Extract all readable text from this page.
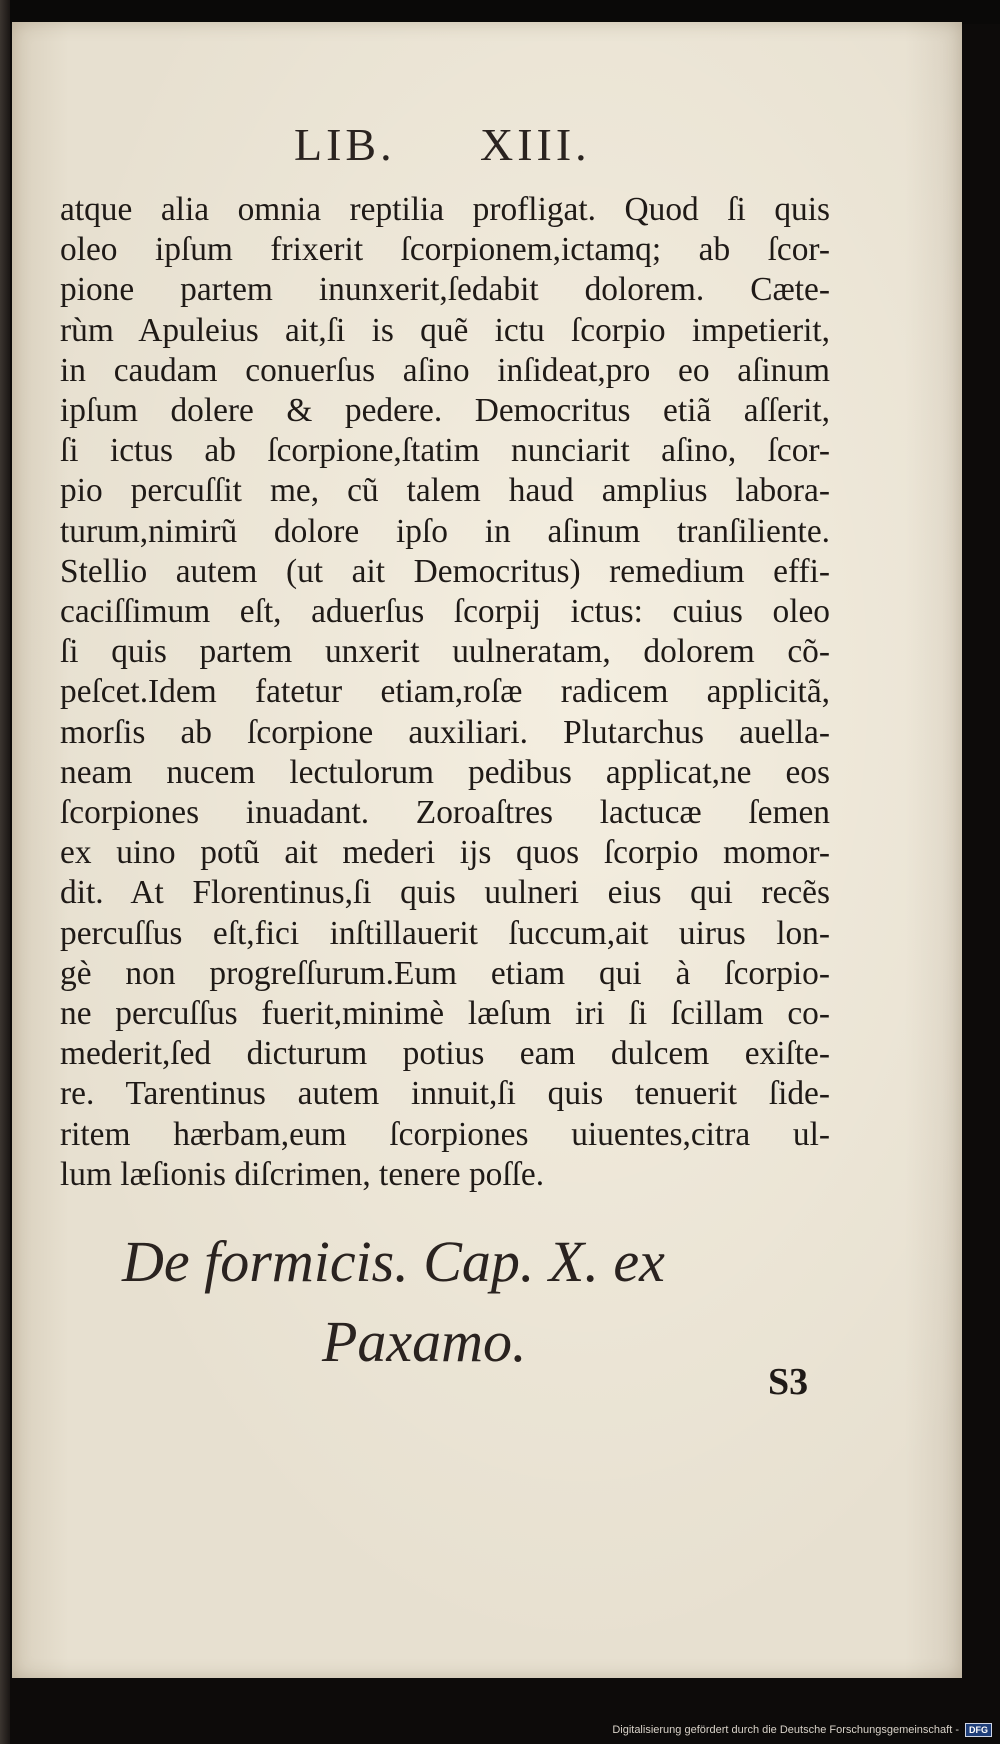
LIB. XIII.
atque alia omnia reptilia profligat. Quod ſi quis
oleo ipſum frixerit ſcorpionem,ictamq; ab ſcor-
pione partem inunxerit,ſedabit dolorem. Cæte-
rùm Apuleius ait,ſi is quẽ ictu ſcorpio impetierit,
in caudam conuerſus aſino inſideat,pro eo aſinum
ipſum dolere & pedere. Democritus etiã aſſerit,
ſi ictus ab ſcorpione,ſtatim nunciarit aſino, ſcor-
pio percuſſit me, cũ talem haud amplius labora-
turum,nimirũ dolore ipſo in aſinum tranſiliente.
Stellio autem (ut ait Democritus) remedium effi-
caciſſimum eſt, aduerſus ſcorpij ictus: cuius oleo
ſi quis partem unxerit uulneratam, dolorem cõ-
peſcet.Idem fatetur etiam,roſæ radicem applicitã,
morſis ab ſcorpione auxiliari. Plutarchus auella-
neam nucem lectulorum pedibus applicat,ne eos
ſcorpiones inuadant. Zoroaſtres lactucæ ſemen
ex uino potũ ait mederi ijs quos ſcorpio momor-
dit. At Florentinus,ſi quis uulneri eius qui recẽs
percuſſus eſt,fici inſtillauerit ſuccum,ait uirus lon-
gè non progreſſurum.Eum etiam qui à ſcorpio-
ne percuſſus fuerit,minimè læſum iri ſi ſcillam co-
mederit,ſed dicturum potius eam dulcem exiſte-
re. Tarentinus autem innuit,ſi quis tenuerit ſide-
ritem hærbam,eum ſcorpiones uiuentes,citra ul-
lum læſionis diſcrimen, tenere poſſe.
De formicis. Cap. X. ex
Paxamo.
S3
Digitalisierung gefördert durch die Deutsche Forschungsgemeinschaft -	DFG
